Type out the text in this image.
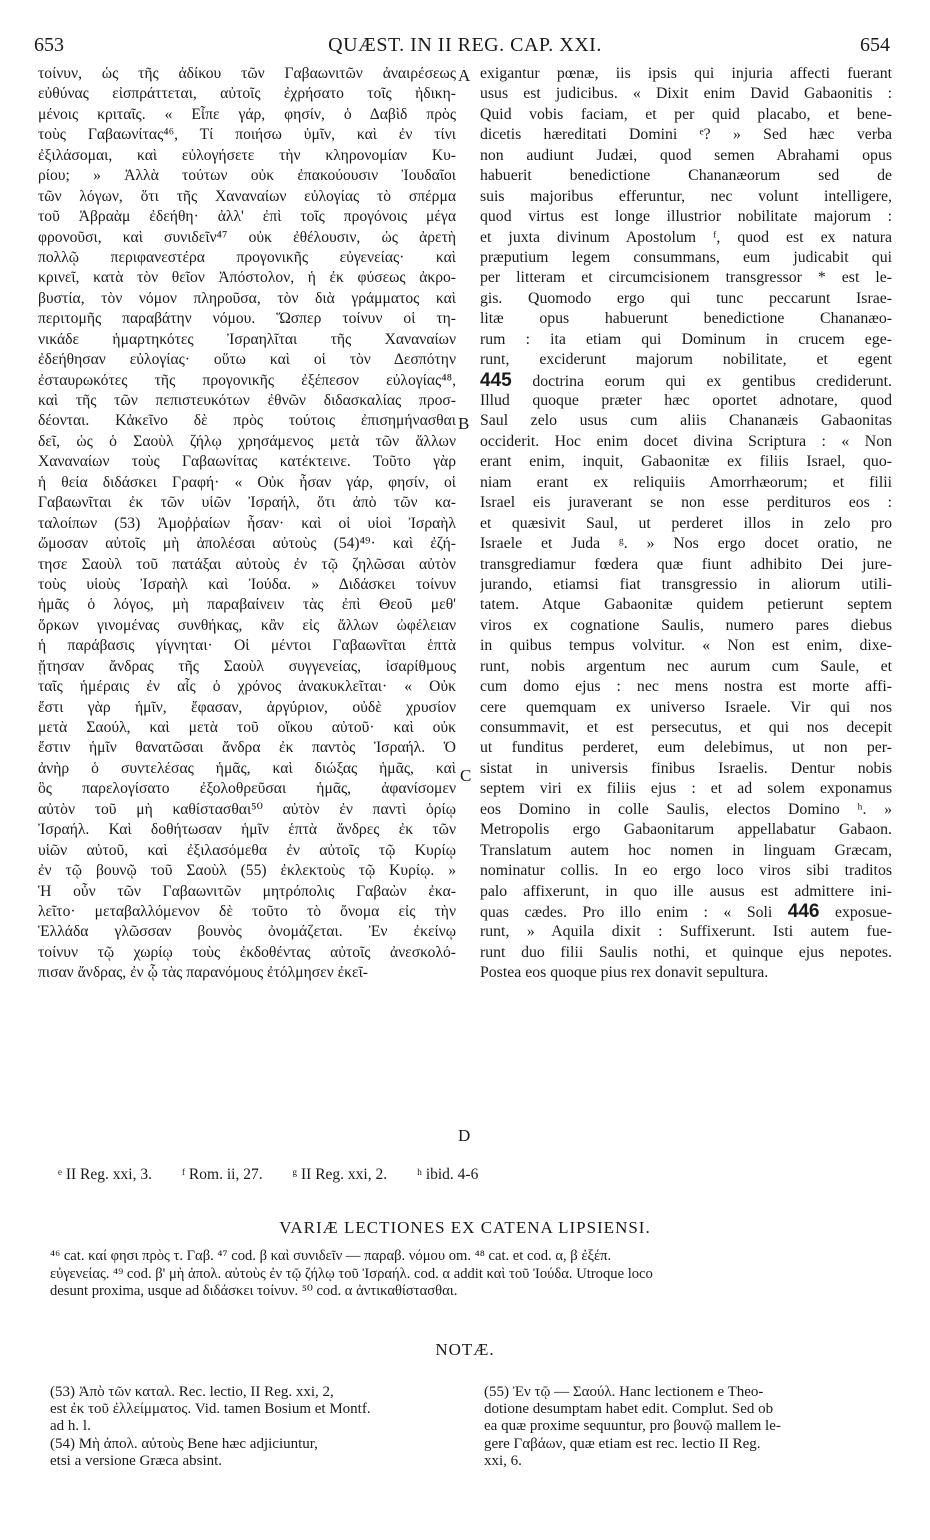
653	QUÆST. IN II REG. CAP. XXI.	654
τοίνυν, ὡς τῆς ἀδίκου τῶν Γαβαωνιτῶν ἀναιρέσεως
εὐθύνας εἰσπράττεται, αὐτοῖς ἐχρήσατο τοῖς ἠδικη-
μένοις κριταῖς. « Εἶπε γάρ, φησίν, ὁ Δαβὶδ πρὸς
τοὺς Γαβαωνίτας⁴⁶, Τί ποιήσω ὑμῖν, καὶ ἐν τίνι
ἐξιλάσομαι, καὶ εὐλογήσετε τὴν κληρονομίαν Κυ-
ρίου; » Ἀλλὰ τούτων οὐκ ἐπακούουσιν Ἰουδαῖοι
τῶν λόγων, ὅτι τῆς Χαναναίων εὐλογίας τὸ σπέρμα
τοῦ Ἀβραὰμ ἐδεήθη· ἀλλ' ἐπὶ τοῖς προγόνοις μέγα
φρονοῦσι, καὶ συνιδεῖν⁴⁷ οὐκ ἐθέλουσιν, ὡς ἀρετὴ
πολλῷ περιφανεστέρα προγονικῆς εὐγενείας· καὶ
κρινεῖ, κατὰ τὸν θεῖον Ἀπόστολον, ἡ ἐκ φύσεως ἀκρο-
βυστία, τὸν νόμον πληροῦσα, τὸν διὰ γράμματος καὶ
περιτομῆς παραβάτην νόμου. Ὥσπερ τοίνυν οἱ τη-
νικάδε ἡμαρτηκότες Ἰσραηλῖται τῆς Χαναναίων
ἐδεήθησαν εὐλογίας· οὕτω καὶ οἱ τὸν Δεσπότην
ἐσταυρωκότες τῆς προγονικῆς ἐξέπεσον εὐλογίας⁴⁸,
καὶ τῆς τῶν πεπιστευκότων ἐθνῶν διδασκαλίας προσ-
δέονται. Κἀκεῖνο δὲ πρὸς τούτοις ἐπισημήνασθαι
δεῖ, ὡς ὁ Σαοὺλ ζήλῳ χρησάμενος μετὰ τῶν ἄλλων
Χαναναίων τοὺς Γαβαωνίτας κατέκτεινε. Τοῦτο γὰρ
ἡ θεία διδάσκει Γραφή· « Οὐκ ἦσαν γάρ, φησίν, οἱ
Γαβαωνῖται ἐκ τῶν υἱῶν Ἰσραήλ, ὅτι ἀπὸ τῶν κα-
ταλοίπων (53) Ἀμοῤῥαίων ἦσαν· καὶ οἱ υἱοὶ Ἰσραὴλ
ὤμοσαν αὐτοῖς μὴ ἀπολέσαι αὐτοὺς (54)⁴⁹· καὶ ἐζή-
τησε Σαοὺλ τοῦ πατάξαι αὐτοὺς ἐν τῷ ζηλῶσαι αὐτὸν
τοὺς υἱοὺς Ἰσραὴλ καὶ Ἰούδα. » Διδάσκει τοίνυν
ἡμᾶς ὁ λόγος, μὴ παραβαίνειν τὰς ἐπὶ Θεοῦ μεθ'
ὅρκων γινομένας συνθήκας, κἂν εἰς ἄλλων ὠφέλειαν
ἡ παράβασις γίγνηται· Οἱ μέντοι Γαβαωνῖται ἑπτὰ
ᾔτησαν ἄνδρας τῆς Σαοὺλ συγγενείας, ἰσαρίθμους
ταῖς ἡμέραις ἐν αἷς ὁ χρόνος ἀνακυκλεῖται· « Οὐκ
ἔστι γὰρ ἡμῖν, ἔφασαν, ἀργύριον, οὐδὲ χρυσίον
μετὰ Σαούλ, καὶ μετὰ τοῦ οἴκου αὐτοῦ· καὶ οὐκ
ἔστιν ἡμῖν θανατῶσαι ἄνδρα ἐκ παντὸς Ἰσραήλ. Ὁ
ἀνὴρ ὁ συντελέσας ἡμᾶς, καὶ διώξας ἡμᾶς, καὶ
ὃς παρελογίσατο ἐξολοθρεῦσαι ἡμᾶς, ἀφανίσομεν
αὐτὸν τοῦ μὴ καθίστασθαι⁵⁰ αὐτὸν ἐν παντὶ ὁρίῳ
Ἰσραήλ. Καὶ δοθήτωσαν ἡμῖν ἑπτὰ ἄνδρες ἐκ τῶν
υἱῶν αὐτοῦ, καὶ ἐξιλασόμεθα ἐν αὐτοῖς τῷ Κυρίῳ
ἐν τῷ βουνῷ τοῦ Σαοὺλ (55) ἐκλεκτοὺς τῷ Κυρίῳ. »
Ἡ οὖν τῶν Γαβαωνιτῶν μητρόπολις Γαβαὼν ἐκα-
λεῖτο· μεταβαλλόμενον δὲ τοῦτο τὸ ὄνομα εἰς τὴν
Ἑλλάδα γλῶσσαν βουνὸς ὀνομάζεται. Ἐν ἐκείνῳ
τοίνυν τῷ χωρίῳ τοὺς ἐκδοθέντας αὐτοῖς ἀνεσκολό-
πισαν ἄνδρας, ἐν ᾧ τὰς παρανόμους ἐτόλμησεν ἐκεῖ-
exigantur pœnæ, iis ipsis qui injuria affecti fuerant
usus est judicibus. « Dixit enim David Gabaonitis :
Quid vobis faciam, et per quid placabo, et bene-
dicetis hæreditati Domini ᵉ? » Sed hæc verba
non audiunt Judæi, quod semen Abrahami opus
habuerit benedictione Chananæorum sed de
suis majoribus efferuntur, nec volunt intelligere,
quod virtus est longe illustrior nobilitate majorum :
et juxta divinum Apostolum ᶠ, quod est ex natura
præputium legem consummans, eum judicabit qui
per litteram et circumcisionem transgressor * est le-
gis. Quomodo ergo qui tunc peccarunt Israe-
litæ opus habuerunt benedictione Chananæo-
rum : ita etiam qui Dominum in crucem ege-
runt, exciderunt majorum nobilitate, et egent
445 doctrina eorum qui ex gentibus crediderunt.
Illud quoque præter hæc oportet adnotare, quod
Saul zelo usus cum aliis Chananæis Gabaonitas
occiderit. Hoc enim docet divina Scriptura : « Non
erant enim, inquit, Gabaonitæ ex filiis Israel, quo-
niam erant ex reliquiis Amorrhæorum; et filii
Israel eis juraverant se non esse perdituros eos :
et quæsivit Saul, ut perderet illos in zelo pro
Israele et Juda ᵍ. » Nos ergo docet oratio, ne
transgrediamur fœdera quæ fiunt adhibito Dei jure-
jurando, etiamsi fiat transgressio in aliorum utili-
tatem. Atque Gabaonitæ quidem petierunt septem
viros ex cognatione Saulis, numero pares diebus
in quibus tempus volvitur. « Non est enim, dixe-
runt, nobis argentum nec aurum cum Saule, et
cum domo ejus : nec mens nostra est morte affi-
cere quemquam ex universo Israele. Vir qui nos
consummavit, et est persecutus, et qui nos decepit
ut funditus perderet, eum delebimus, ut non per-
sistat in universis finibus Israelis. Dentur nobis
septem viri ex filiis ejus : et ad solem exponamus
eos Domino in colle Saulis, electos Domino ʰ. »
Metropolis ergo Gabaonitarum appellabatur Gabaon.
Translatum autem hoc nomen in linguam Græcam,
nominatur collis. In eo ergo loco viros sibi traditos
palo affixerunt, in quo ille ausus est admittere ini-
quas cædes. Pro illo enim : « Soli 446 exposue-
runt, » Aquila dixit : Suffixerunt. Isti autem fue-
runt duo filii Saulis nothi, et quinque ejus nepotes.
Postea eos quoque pius rex donavit sepultura.
A
B
C
D
ᵉ II Reg. xxi, 3. ᶠ Rom. ii, 27. ᵍ II Reg. xxi, 2. ʰ ibid. 4-6
VARIÆ LECTIONES EX CATENA LIPSIENSI.
⁴⁶ cat. καί φησι πρὸς τ. Γαβ. ⁴⁷ cod. β καὶ συνιδεῖν — παραβ. νόμου om. ⁴⁸ cat. et cod. α, β ἐξέπ.
εὐγενείας. ⁴⁹ cod. β' μὴ ἀπολ. αὐτοὺς ἐν τῷ ζήλῳ τοῦ Ἰσραήλ. cod. α addit καὶ τοῦ Ἰούδα. Utroque loco
desunt proxima, usque ad διδάσκει τοίνυν. ⁵⁰ cod. α ἀντικαθίστασθαι.
NOTÆ.
(53) Ἀπὸ τῶν καταλ. Rec. lectio, II Reg. xxi, 2,
est ἐκ τοῦ ἐλλείμματος. Vid. tamen Bosium et Montf.
ad h. l.
(54) Μὴ ἀπολ. αὐτοὺς Bene hæc adjiciuntur,
etsi a versione Græca absint.
(55) Ἐν τῷ — Σαούλ. Hanc lectionem e Theo-
dotione desumptam habet edit. Complut. Sed ob
ea quæ proxime sequuntur, pro βουνῷ mallem le-
gere Γαβάων, quæ etiam est rec. lectio II Reg.
xxi, 6.
